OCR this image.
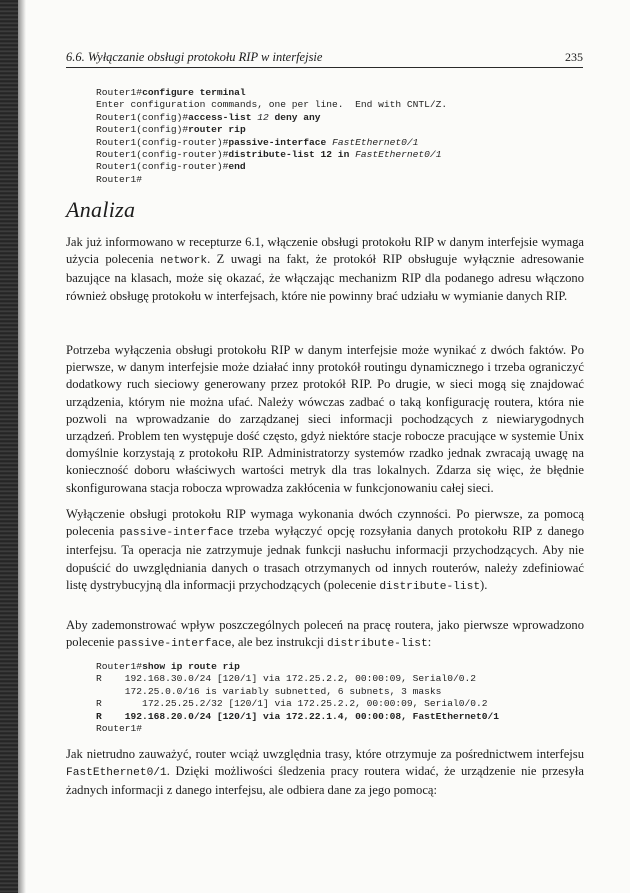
6.6. Wyłączanie obsługi protokołu RIP w interfejsie	235
Router1#configure terminal
Enter configuration commands, one per line.  End with CNTL/Z.
Router1(config)#access-list 12 deny any
Router1(config)#router rip
Router1(config-router)#passive-interface FastEthernet0/1
Router1(config-router)#distribute-list 12 in FastEthernet0/1
Router1(config-router)#end
Router1#
Analiza

Jak już informowano w recepturze 6.1, włączenie obsługi protokołu RIP w danym interfejsie wymaga użycia polecenia network. Z uwagi na fakt, że protokół RIP obsługuje wyłącznie adresowanie bazujące na klasach, może się okazać, że włączając mechanizm RIP dla podanego adresu włączono również obsługę protokołu w interfejsach, które nie powinny brać udziału w wymianie danych RIP.

Potrzeba wyłączenia obsługi protokołu RIP w danym interfejsie może wynikać z dwóch faktów. Po pierwsze, w danym interfejsie może działać inny protokół routingu dynamicznego i trzeba ograniczyć dodatkowy ruch sieciowy generowany przez protokół RIP. Po drugie, w sieci mogą się znajdować urządzenia, którym nie można ufać. Należy wówczas zadbać o taką konfigurację routera, która nie pozwoli na wprowadzanie do zarządzanej sieci informacji pochodzących z niewiarygodnych urządzeń. Problem ten występuje dość często, gdyż niektóre stacje robocze pracujące w systemie Unix domyślnie korzystają z protokołu RIP. Administratorzy systemów rzadko jednak zwracają uwagę na konieczność doboru właściwych wartości metryk dla tras lokalnych. Zdarza się więc, że błędnie skonfigurowana stacja robocza wprowadza zakłócenia w funkcjonowaniu całej sieci.

Wyłączenie obsługi protokołu RIP wymaga wykonania dwóch czynności. Po pierwsze, za pomocą polecenia passive-interface trzeba wyłączyć opcję rozsyłania danych protokołu RIP z danego interfejsu. Ta operacja nie zatrzymuje jednak funkcji nasłuchu informacji przychodzących. Aby nie dopuścić do uwzględniania danych o trasach otrzymanych od innych routerów, należy zdefiniować listę dystrybucyjną dla informacji przychodzących (polecenie distribute-list).

Aby zademonstrować wpływ poszczególnych poleceń na pracę routera, jako pierwsze wprowadzono polecenie passive-interface, ale bez instrukcji distribute-list:

Router1#show ip route rip
R    192.168.30.0/24 [120/1] via 172.25.2.2, 00:00:09, Serial0/0.2
172.25.0.0/16 is variably subnetted, 6 subnets, 3 masks
R       172.25.25.2/32 [120/1] via 172.25.2.2, 00:00:09, Serial0/0.2
R    192.168.20.0/24 [120/1] via 172.22.1.4, 00:00:08, FastEthernet0/1
Router1#

Jak nietrudno zauważyć, router wciąż uwzględnia trasy, które otrzymuje za pośrednictwem interfejsu FastEthernet0/1. Dzięki możliwości śledzenia pracy routera widać, że urządzenie nie przesyła żadnych informacji z danego interfejsu, ale odbiera dane za jego pomocą:
